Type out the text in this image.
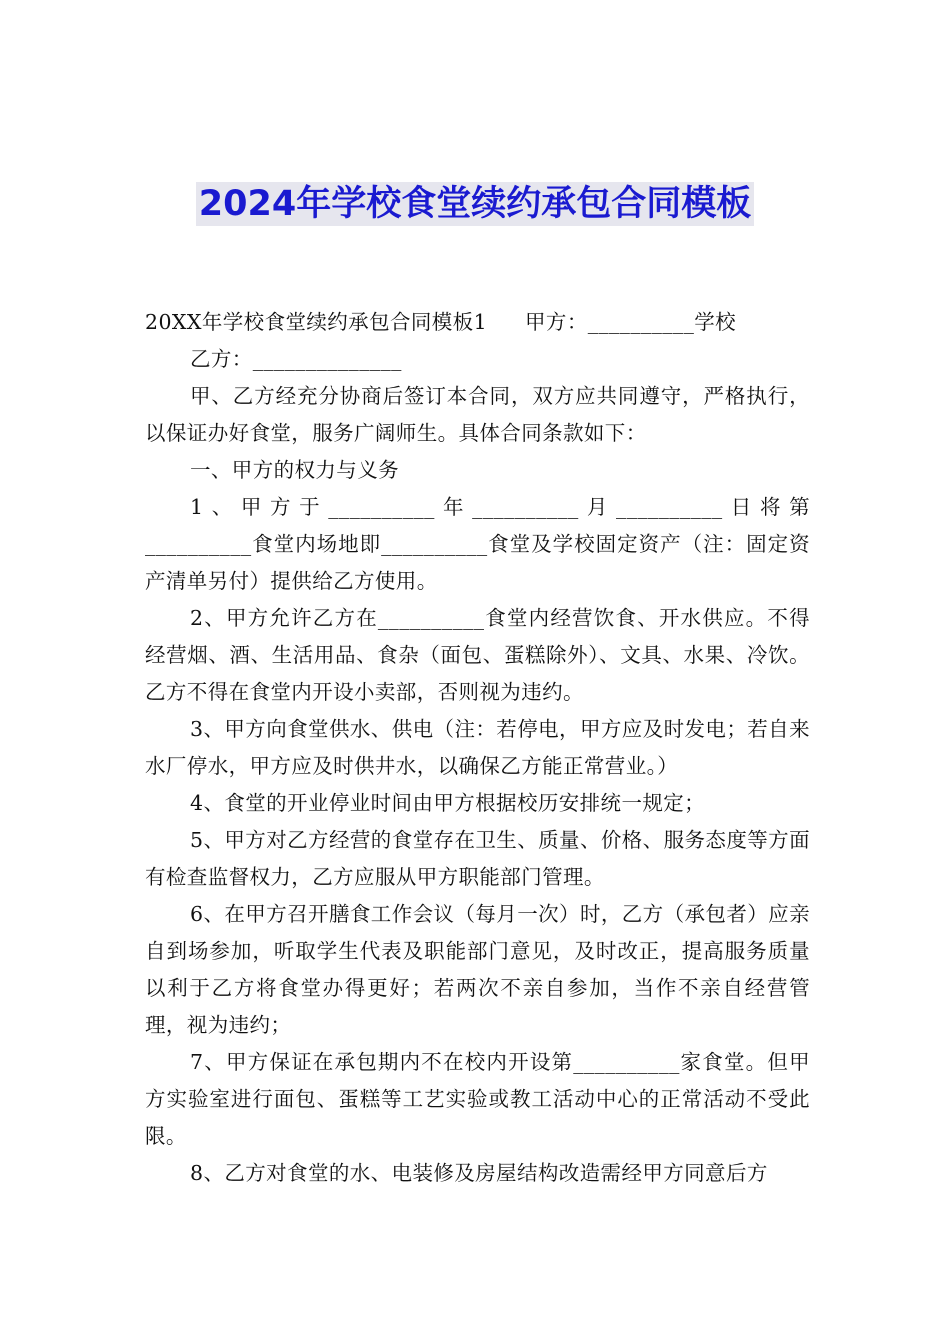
2024年学校食堂续约承包合同模板

20XX年学校食堂续约承包合同模板1 甲方：__________学校

乙方：______________

甲、乙方经充分协商后签订本合同，双方应共同遵守，严格执行，以保证办好食堂，服务广阔师生。具体合同条款如下：

一、甲方的权力与义务

1、甲方于__________年__________月__________日将第__________食堂内场地即__________食堂及学校固定资产（注：固定资产清单另付）提供给乙方使用。

2、甲方允许乙方在__________食堂内经营饮食、开水供应。不得经营烟、酒、生活用品、食杂（面包、蛋糕除外）、文具、水果、冷饮。乙方不得在食堂内开设小卖部，否则视为违约。

3、甲方向食堂供水、供电（注：若停电，甲方应及时发电；若自来水厂停水，甲方应及时供井水，以确保乙方能正常营业。）

4、食堂的开业停业时间由甲方根据校历安排统一规定；

5、甲方对乙方经营的食堂存在卫生、质量、价格、服务态度等方面有检查监督权力，乙方应服从甲方职能部门管理。

6、在甲方召开膳食工作会议（每月一次）时，乙方（承包者）应亲自到场参加，听取学生代表及职能部门意见，及时改正，提高服务质量以利于乙方将食堂办得更好；若两次不亲自参加，当作不亲自经营管理，视为违约；

7、甲方保证在承包期内不在校内开设第__________家食堂。但甲方实验室进行面包、蛋糕等工艺实验或教工活动中心的正常活动不受此限。

8、乙方对食堂的水、电装修及房屋结构改造需经甲方同意后方
